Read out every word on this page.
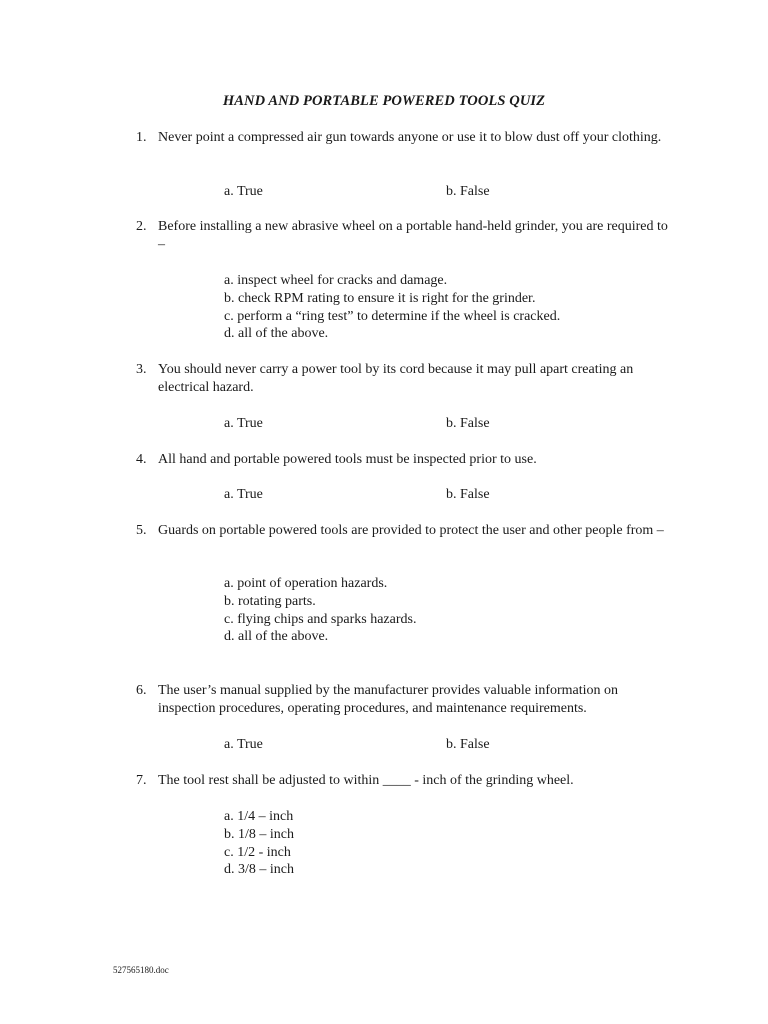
HAND AND PORTABLE POWERED TOOLS QUIZ
1. Never point a compressed air gun towards anyone or use it to blow dust off your clothing.
a. True	b. False
2. Before installing a new abrasive wheel on a portable hand-held grinder, you are required to –
a. inspect wheel for cracks and damage.
b. check RPM rating to ensure it is right for the grinder.
c. perform a “ring test” to determine if the wheel is cracked.
d. all of the above.
3. You should never carry a power tool by its cord because it may pull apart creating an electrical hazard.
a. True	b. False
4. All hand and portable powered tools must be inspected prior to use.
a. True	b. False
5. Guards on portable powered tools are provided to protect the user and other people from –
a. point of operation hazards.
b. rotating parts.
c. flying chips and sparks hazards.
d. all of the above.
6. The user’s manual supplied by the manufacturer provides valuable information on inspection procedures, operating procedures, and maintenance requirements.
a. True	b. False
7. The tool rest shall be adjusted to within ____ - inch of the grinding wheel.
a. 1/4 – inch
b. 1/8 – inch
c. 1/2 - inch
d. 3/8 – inch
527565180.doc
